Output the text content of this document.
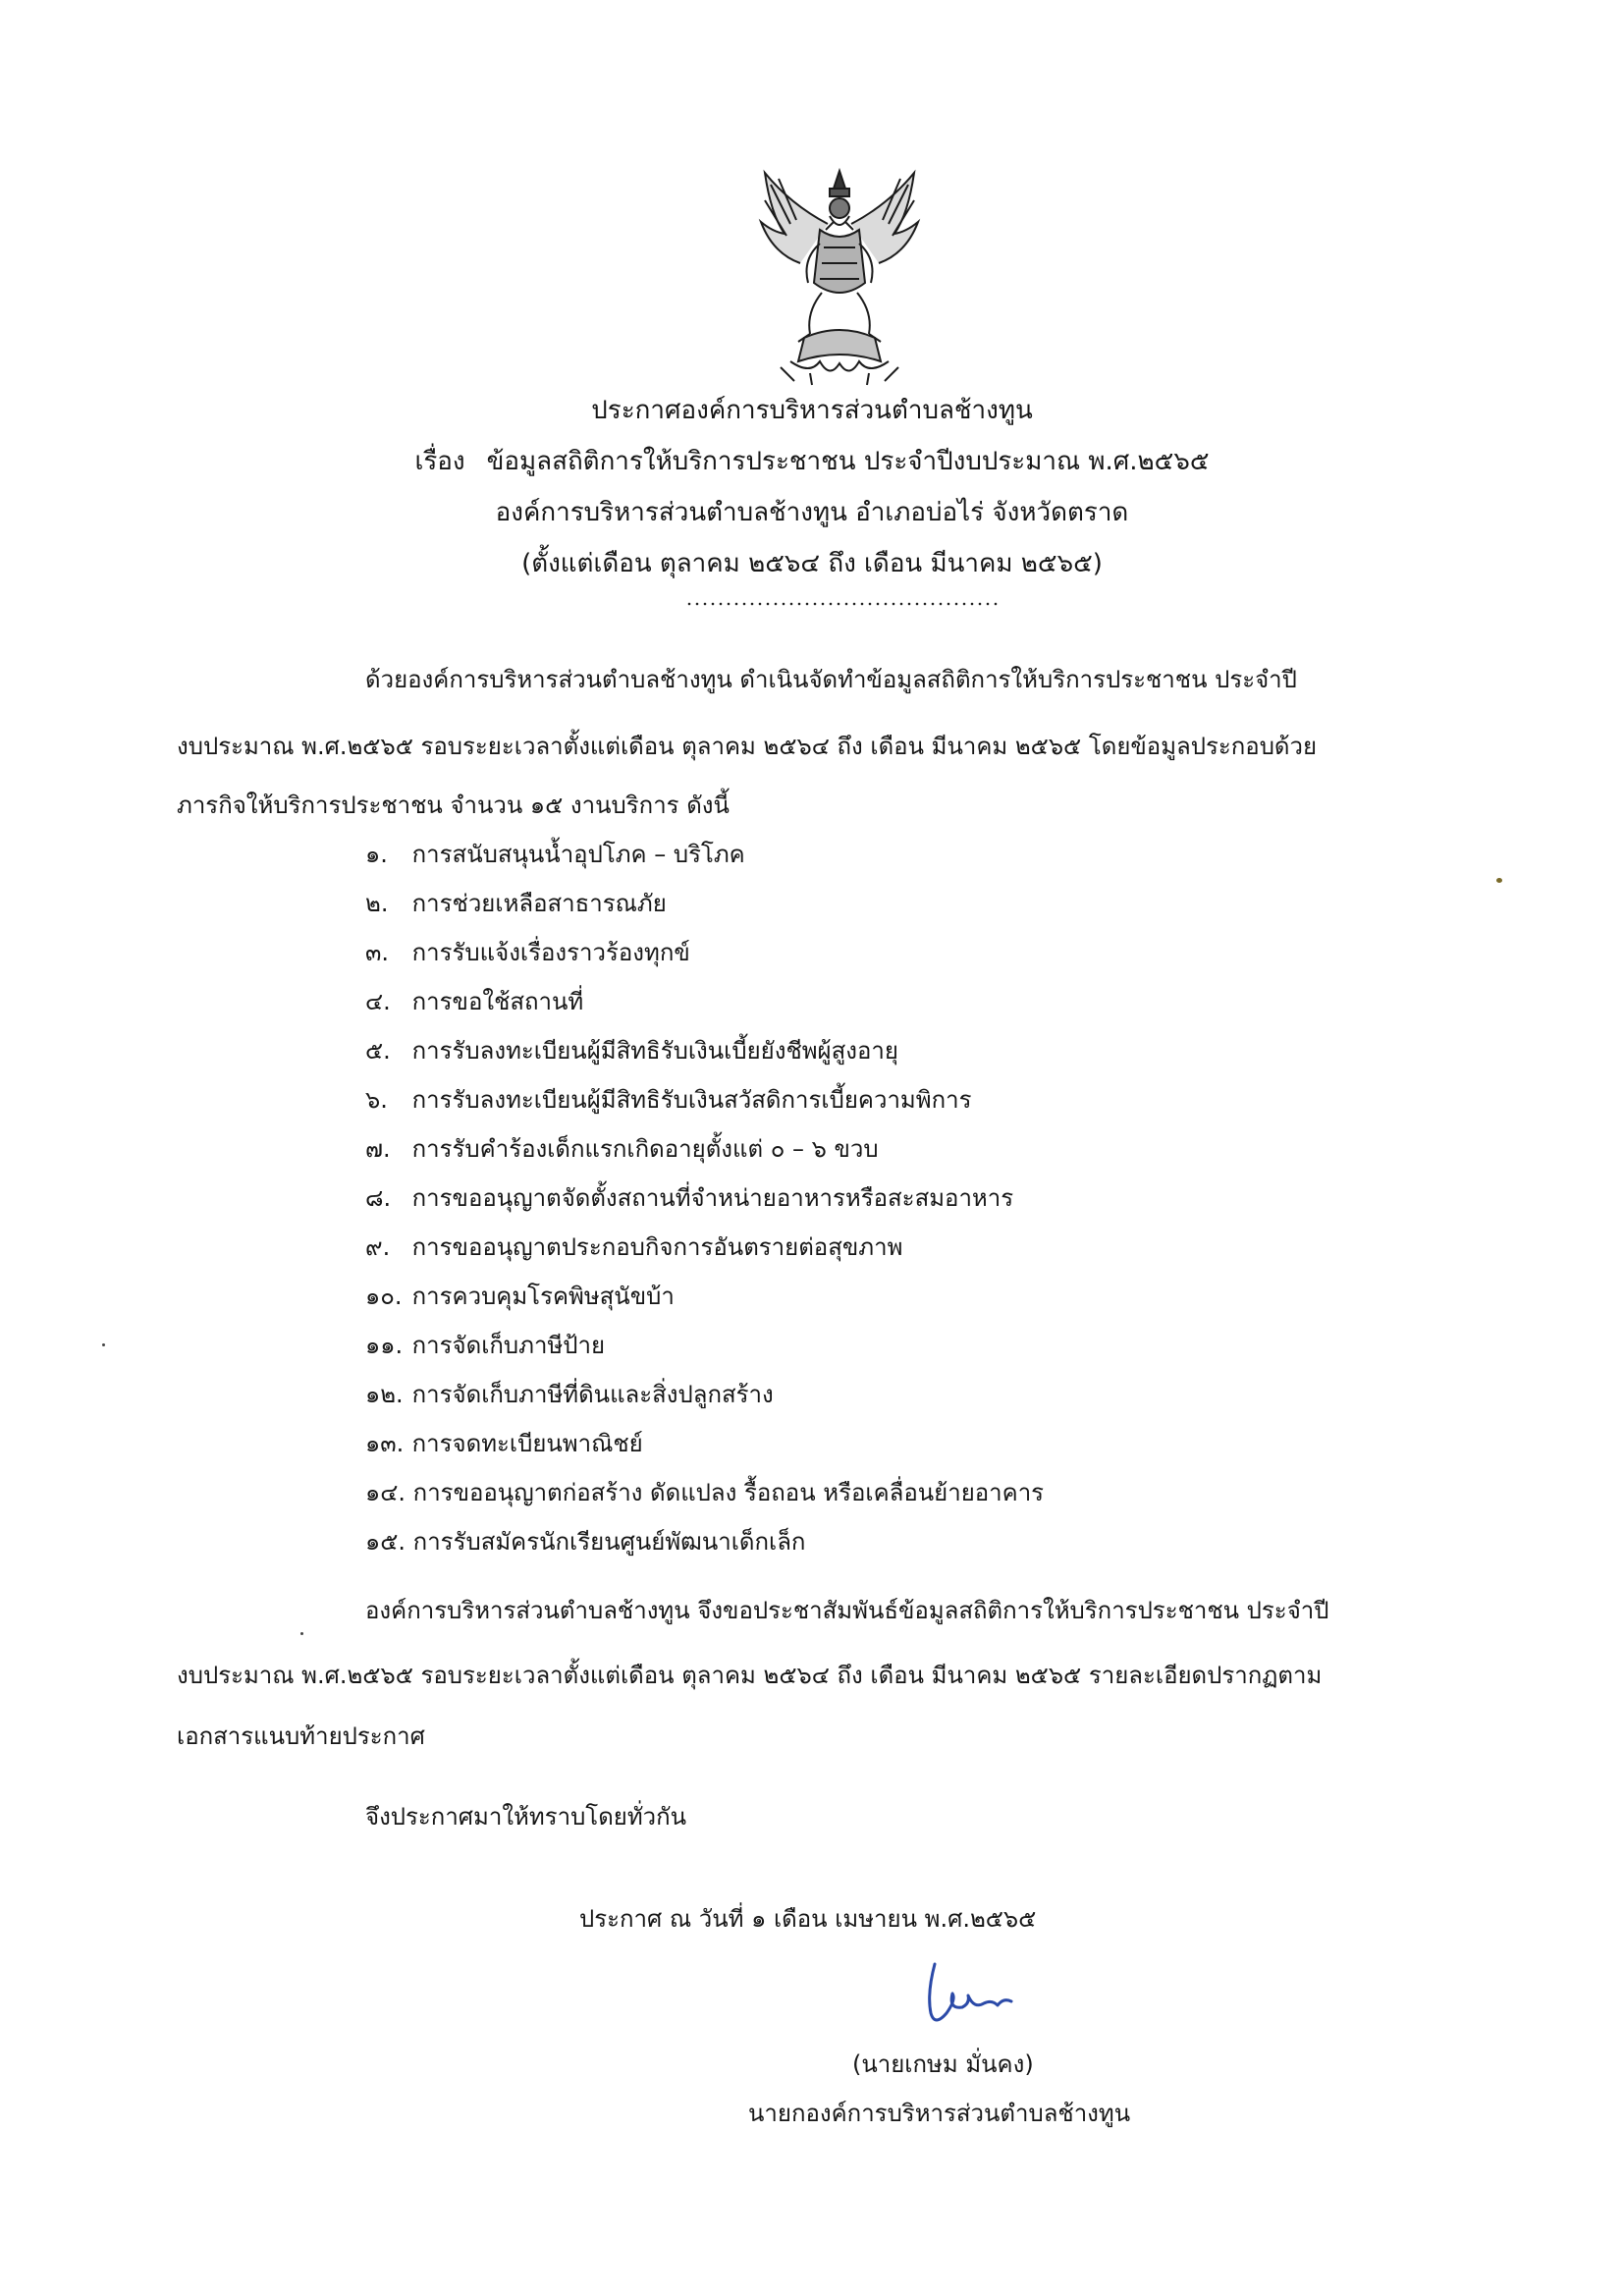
ประกาศองค์การบริหารส่วนตำบลช้างทูน
เรื่อง ข้อมูลสถิติการให้บริการประชาชน ประจำปีงบประมาณ พ.ศ.๒๕๖๕
องค์การบริหารส่วนตำบลช้างทูน อำเภอบ่อไร่ จังหวัดตราด
(ตั้งแต่เดือน ตุลาคม ๒๕๖๔ ถึง เดือน มีนาคม ๒๕๖๕)
ด้วยองค์การบริหารส่วนตำบลช้างทูน ดำเนินจัดทำข้อมูลสถิติการให้บริการประชาชน ประจำปี
งบประมาณ พ.ศ.๒๕๖๕ รอบระยะเวลาตั้งแต่เดือน ตุลาคม ๒๕๖๔ ถึง เดือน มีนาคม ๒๕๖๕ โดยข้อมูลประกอบด้วย
ภารกิจให้บริการประชาชน จำนวน ๑๕ งานบริการ ดังนี้
๑. การสนับสนุนน้ำอุปโภค – บริโภค
๒. การช่วยเหลือสาธารณภัย
๓. การรับแจ้งเรื่องราวร้องทุกข์
๔. การขอใช้สถานที่
๕. การรับลงทะเบียนผู้มีสิทธิรับเงินเบี้ยยังชีพผู้สูงอายุ
๖. การรับลงทะเบียนผู้มีสิทธิรับเงินสวัสดิการเบี้ยความพิการ
๗. การรับคำร้องเด็กแรกเกิดอายุตั้งแต่ ๐ – ๖ ขวบ
๘. การขออนุญาตจัดตั้งสถานที่จำหน่ายอาหารหรือสะสมอาหาร
๙. การขออนุญาตประกอบกิจการอันตรายต่อสุขภาพ
๑๐. การควบคุมโรคพิษสุนัขบ้า
๑๑. การจัดเก็บภาษีป้าย
๑๒. การจัดเก็บภาษีที่ดินและสิ่งปลูกสร้าง
๑๓. การจดทะเบียนพาณิชย์
๑๔. การขออนุญาตก่อสร้าง ดัดแปลง รื้อถอน หรือเคลื่อนย้ายอาคาร
๑๕. การรับสมัครนักเรียนศูนย์พัฒนาเด็กเล็ก
องค์การบริหารส่วนตำบลช้างทูน จึงขอประชาสัมพันธ์ข้อมูลสถิติการให้บริการประชาชน ประจำปี
งบประมาณ พ.ศ.๒๕๖๕ รอบระยะเวลาตั้งแต่เดือน ตุลาคม ๒๕๖๔ ถึง เดือน มีนาคม ๒๕๖๕ รายละเอียดปรากฏตาม
เอกสารแนบท้ายประกาศ
จึงประกาศมาให้ทราบโดยทั่วกัน
ประกาศ ณ วันที่ ๑ เดือน เมษายน พ.ศ.๒๕๖๕
(นายเกษม มั่นคง)
นายกองค์การบริหารส่วนตำบลช้างทูน
